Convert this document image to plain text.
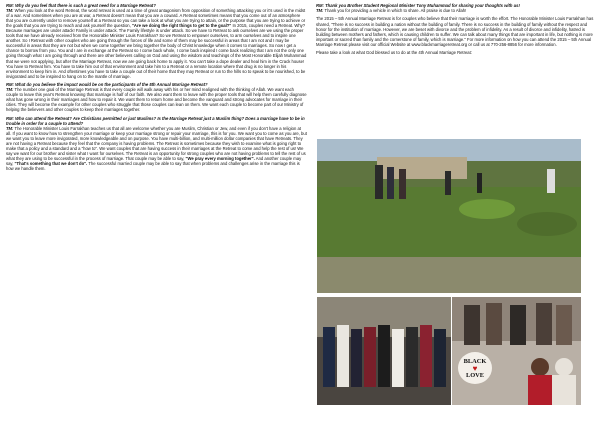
RM: Why do you feel that there is such a great need for a Marriage Retreat?
TM: When you look at the word Retreat, the word retreat is used at a time of great antagonism from opposition of something attacking you or it's used in the midst of a war. And sometimes when you are at war, a Retreat doesn't mean that you are a coward. A Retreat sometimes means that you come out of an atmosphere that you are currently under to remove yourself at a Retreat so you can take a look at what you are trying to attain, or the purpose that you are trying to achieve or the goals that you are trying to reach and ask yourself the question, "Are we doing the right things to get to the goal?" In 2015, couples need a Retreat. Why? Because marriages are under attack! Family is under attack. The Family lifestyle is under attack. So we have to Retreat to ask ourselves are we using the proper tools that we have already received from the Honorable Minister Louis Farrakhan? So we Retreat to empower ourselves, to arm ourselves and to inspire one another. So I Retreat with other couples who are going through the forces of life and some of them may be successful in areas that I am not and I may be successful in areas that they are not but when we come together we bring together the body of Christ knowledge when it comes to marriages. So now I get a chance to borrow from you. You and I are in exchange at the Retreat so I come back whole, I come back inspired I come back realizing that I am not the only one going through what I am going through and there are other believers calling on God and using the wisdom and teachings of the Most Honorable Elijah Muhammad that we were not applying, but after the Marriage Retreat, now we are going back home to apply it. You can't take a dope dealer and heal him in the Crack house! You have to Retreat him. You have to take him out of that environment and take him to a Retreat or a remote location where that drug is no longer in his environment to keep him in. And oftentimes you have to take a couple out of their home that they may Retreat or run to the hills so to speak to be nourished, to be invigorated and to be inspired to hang on to the mantle of marriage.

RM: What do you believe the impact would be on the participants of the 5th Annual Marriage Retreat?
TM: The number one goal of the Marriage Retreat is that every couple will walk away with his or her mind realigned with the thinking of Allah. We want each couple to leave this year's Retreat knowing that marriage is half of our faith. We also want them to leave with the proper tools that will help them carefully diagnose what has gone wrong in their marriages and how to repair it. We want them to return home and become the vanguard and strong advocates for marriage in their cities. They will become the example for other couples who struggle that those couples can lean on them. We want each couple to become part of our Ministry of helping the believers and other couples to keep their marriages together.

RM: Who can attend the Retreat? Are Christians permitted or just Muslims? Is the Marriage Retreat just a Muslim thing? Does a marriage have to be in trouble in order for a couple to attend?
TM: The Honorable Minister Louis Farrakhan teaches us that all are welcome whether you are Muslim, Christian or Jew, and even if you don't have a religion at all. If you want to know how to strengthen your marriage or keep your marriage strong or repair your marriage, this is for you. We want you to come as you are, but we want you to leave more invigorated, more knowledgeable and on purpose. You have multi-billion, and multi-million dollar companies that have Retreats. They are not having a Retreat because they feel that the company is having problems. The Retreat is sometimes because they wish to examine what is going right to make that a policy and a standard and a "how to". We want couples that are having success in their marriages at the Retreat to come and help the rest of us! We say we want for our brother and sister what I want for ourselves. The Retreat is an opportunity for strong couples who are not having problems to tell the rest of us what they are using to be successful in the process of marriage. That couple may be able to say, "We pray every morning together". And another couple may say, "That's something that we don't do". The successful married couple may be able to say that when problems and challenges arise in the marriage this is how we handle them.

RM: Thank you Brother Student Regional Minister Tony Muhammad for sharing your thoughts with us!
TM: Thank you for providing a vehicle in which to share. All praise is due to Allah!

The 2015 – 5th Annual Marriage Retreat is for couples who believe that their marriage is worth the effort. The Honorable Minister Louis Farrakhan has shared, "There is no success in building a nation without the building of family. There is no success in the building of family without the respect and honor for the institution of marriage. However, we are beset with divorce and the problem of infidelity. As a result of divorce and infidelity, hatred is building between mothers and fathers, which is causing children to suffer. We can talk about many things that are important in life, but nothing is more important or sacred than family and the cornerstone of family, which is marriage." For more information on how you can attend the 2015 – 5th Annual Marriage Retreat please visit our official Website at www.blackmarriageretreat.org or call us at 770-256-8856 for more information.

Please take a look at what God blessed us to do at the 4th Annual Marriage Retreat:

BLACK
♥
LOVE
